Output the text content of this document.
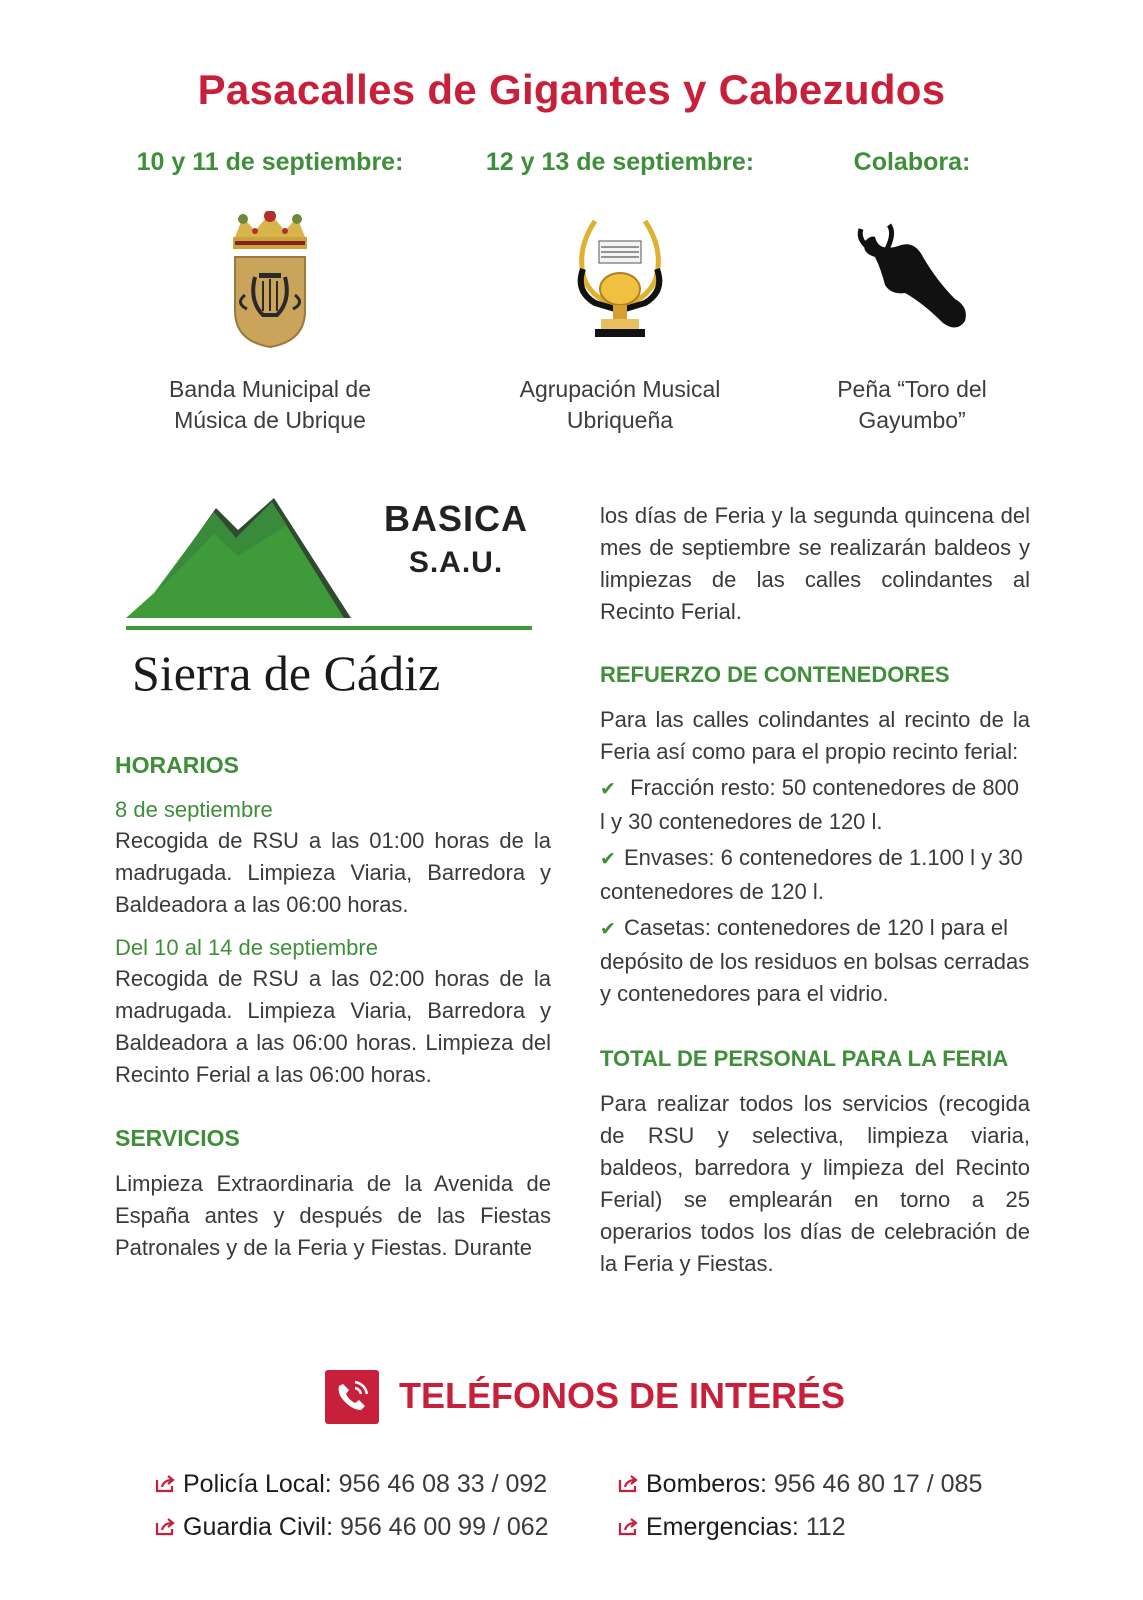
Pasacalles de Gigantes y Cabezudos
10 y 11 de septiembre:
Banda Municipal de
Música de Ubrique
12 y 13 de septiembre:
Agrupación Musical
Ubriqueña
Colabora:
Peña “Toro del
Gayumbo”
BASICA
S.A.U.
Sierra de Cádiz
HORARIOS
8 de septiembre
Recogida de RSU a las 01:00 horas de la madrugada. Limpieza Viaria, Barredora y Baldeadora a las 06:00 horas.
Del 10 al 14 de septiembre
Recogida de RSU a las 02:00 horas de la madrugada. Limpieza Viaria, Barredora y Baldeadora a las 06:00 horas. Limpieza del Recinto Ferial a las 06:00 horas.
SERVICIOS
Limpieza Extraordinaria de la Avenida de España antes y después de las Fiestas Patronales y de la Feria y Fiestas. Durante
los días de Feria y la segunda quincena del mes de septiembre se realizarán baldeos y limpiezas de las calles colindantes al Recinto Ferial.
REFUERZO DE CONTENEDORES
Para las calles colindantes al recinto de la Feria así como para el propio recinto ferial:
✔ Fracción resto: 50 contenedores de 800 l y 30 contenedores de 120 l.
✔ Envases: 6 contenedores de 1.100 l y 30 contenedores de 120 l.
✔ Casetas: contenedores de 120 l para el depósito de los residuos en bolsas cerradas y contenedores para el vidrio.
TOTAL DE PERSONAL PARA LA FERIA
Para realizar todos los servicios (recogida de RSU y selectiva, limpieza viaria, baldeos, barredora y limpieza del Recinto Ferial) se emplearán en torno a 25 operarios todos los días de celebración de la Feria y Fiestas.
TELÉFONOS DE INTERÉS
Policía Local: 956 46 08 33 / 092	Bomberos: 956 46 80 17 / 085
Guardia Civil: 956 46 00 99 / 062	Emergencias: 112
